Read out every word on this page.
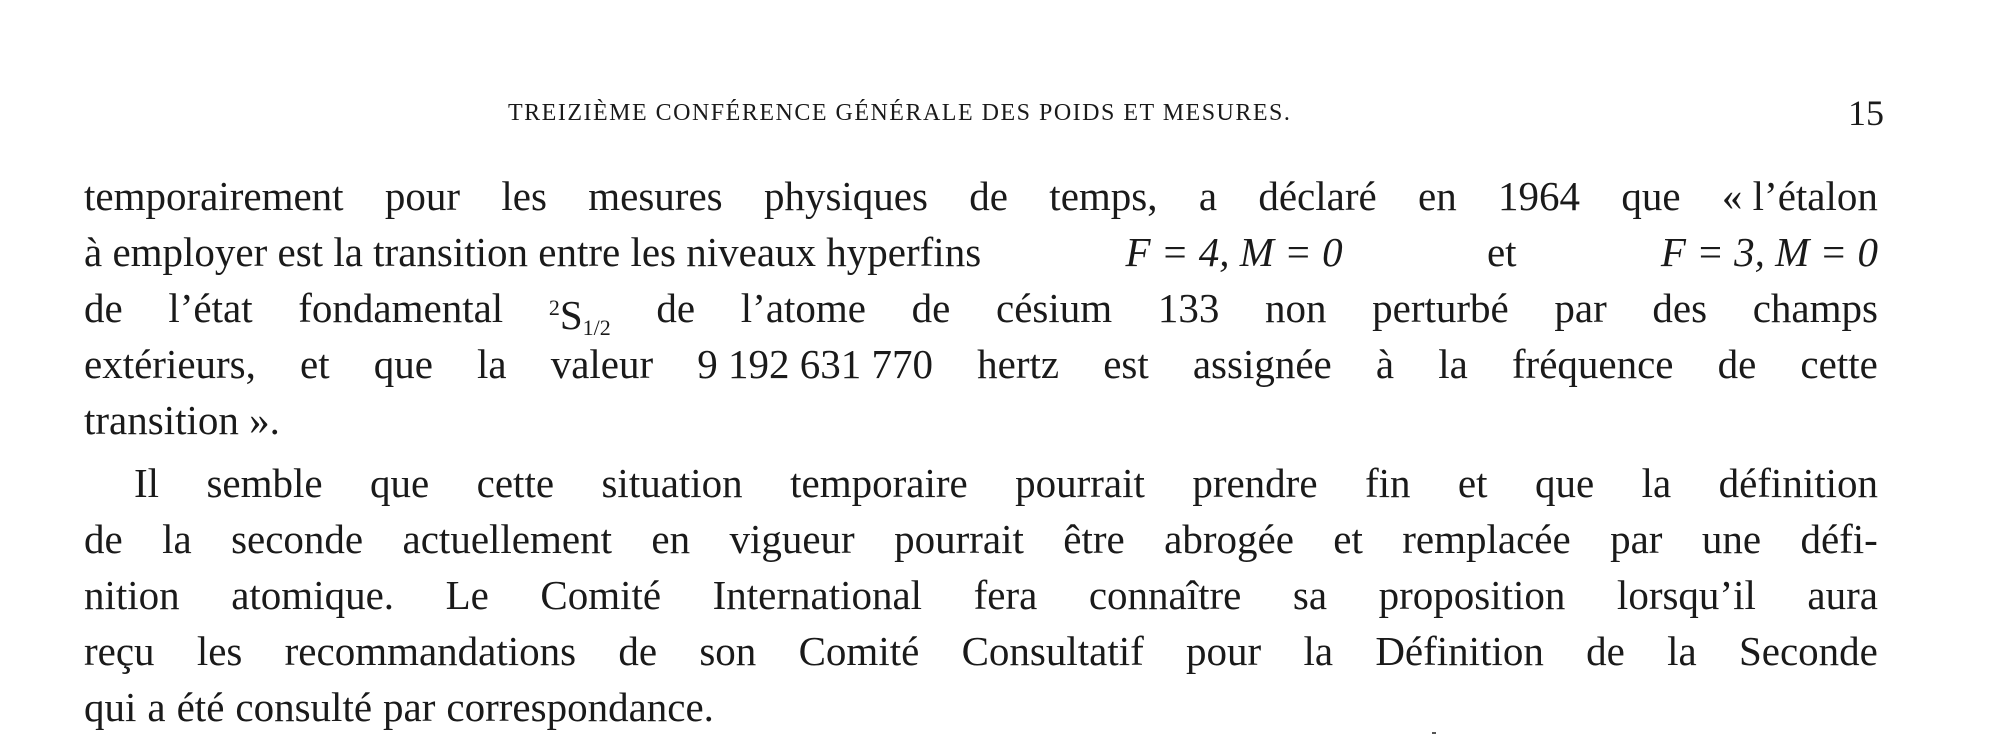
TREIZIÈME CONFÉRENCE GÉNÉRALE DES POIDS ET MESURES.	15
temporairement pour les mesures physiques de temps, a déclaré en 1964 que « l’étalon
à employer est la transition entre les niveaux hyperfins	F = 4, M = 0	et	F = 3, M = 0
de l’état fondamental $^2$S1/2 de l’atome de césium 133 non perturbé par des champs
extérieurs, et que la valeur 9 192 631 770 hertz est assignée à la fréquence de cette
transition ».
Il semble que cette situation temporaire pourrait prendre fin et que la définition
de la seconde actuellement en vigueur pourrait être abrogée et remplacée par une défi-
nition atomique. Le Comité International fera connaître sa proposition lorsqu’il aura
reçu les recommandations de son Comité Consultatif pour la Définition de la Seconde
qui a été consulté par correspondance.
